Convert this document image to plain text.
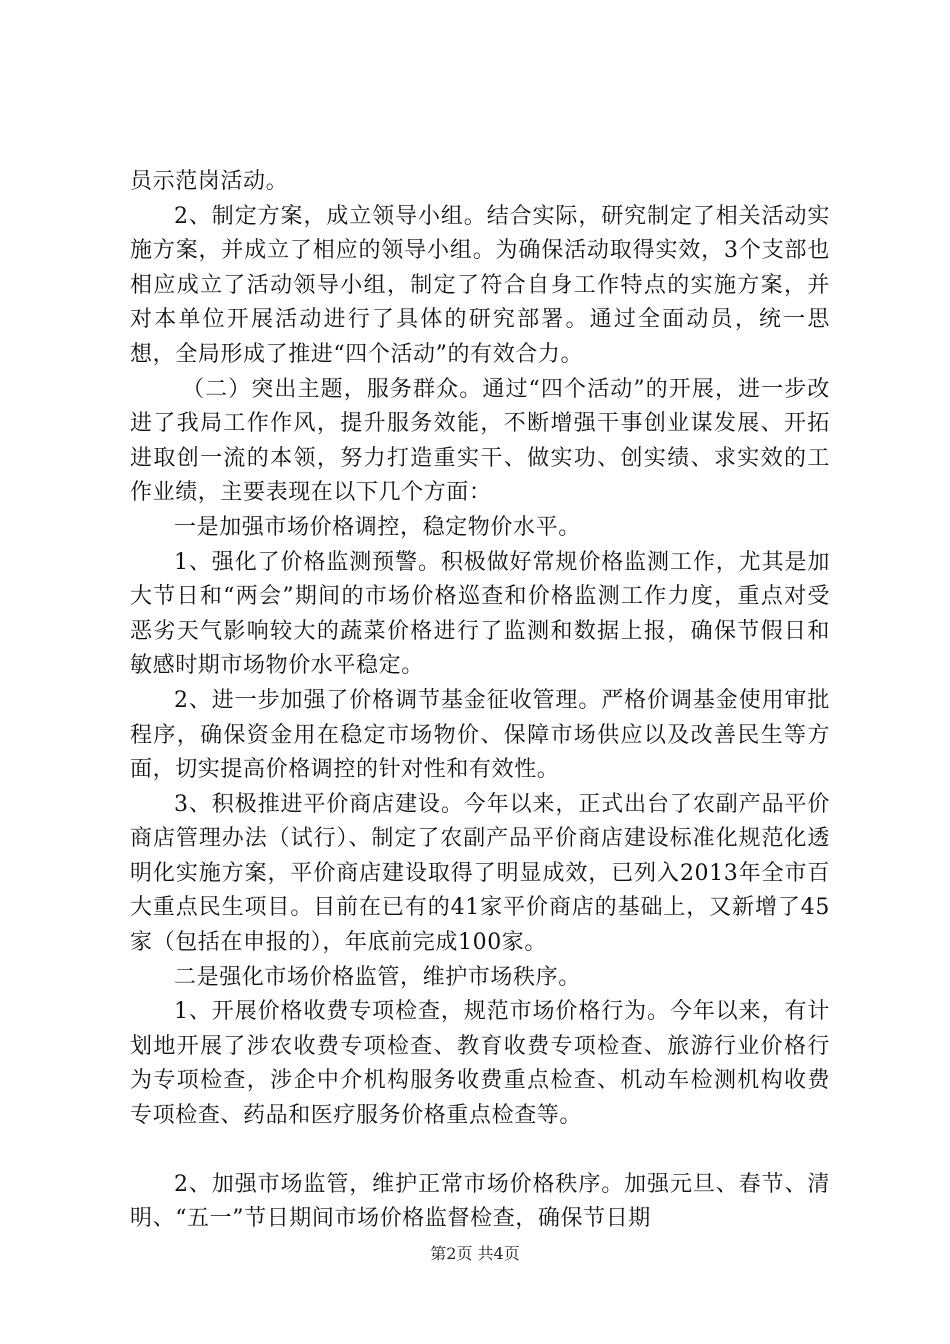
员示范岗活动。

2、制定方案，成立领导小组。结合实际，研究制定了相关活动实施方案，并成立了相应的领导小组。为确保活动取得实效，3个支部也相应成立了活动领导小组，制定了符合自身工作特点的实施方案，并对本单位开展活动进行了具体的研究部署。通过全面动员，统一思想，全局形成了推进“四个活动”的有效合力。

（二）突出主题，服务群众。通过“四个活动”的开展，进一步改进了我局工作作风，提升服务效能，不断增强干事创业谋发展、开拓进取创一流的本领，努力打造重实干、做实功、创实绩、求实效的工作业绩，主要表现在以下几个方面：

一是加强市场价格调控，稳定物价水平。

1、强化了价格监测预警。积极做好常规价格监测工作，尤其是加大节日和“两会”期间的市场价格巡查和价格监测工作力度，重点对受恶劣天气影响较大的蔬菜价格进行了监测和数据上报，确保节假日和敏感时期市场物价水平稳定。

2、进一步加强了价格调节基金征收管理。严格价调基金使用审批程序，确保资金用在稳定市场物价、保障市场供应以及改善民生等方面，切实提高价格调控的针对性和有效性。

3、积极推进平价商店建设。今年以来，正式出台了农副产品平价商店管理办法（试行）、制定了农副产品平价商店建设标准化规范化透明化实施方案，平价商店建设取得了明显成效，已列入2013年全市百大重点民生项目。目前在已有的41家平价商店的基础上，又新增了45家（包括在申报的），年底前完成100家。

二是强化市场价格监管，维护市场秩序。

1、开展价格收费专项检查，规范市场价格行为。今年以来，有计划地开展了涉农收费专项检查、教育收费专项检查、旅游行业价格行为专项检查，涉企中介机构服务收费重点检查、机动车检测机构收费专项检查、药品和医疗服务价格重点检查等。

2、加强市场监管，维护正常市场价格秩序。加强元旦、春节、清明、“五一”节日期间市场价格监督检查，确保节日期

第2页 共4页
